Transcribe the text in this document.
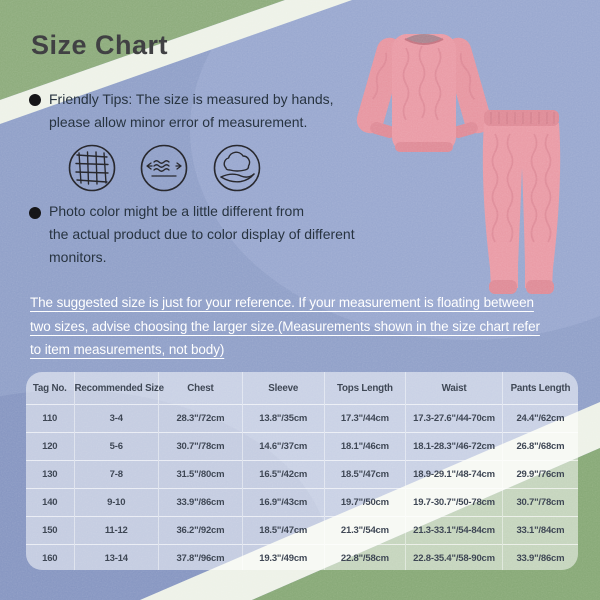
Size Chart
Friendly Tips: The size is measured by hands,
please allow minor error of measurement.
Photo color might be a little different from
the actual product due to color display of different
monitors.
The suggested size is just for your reference. If your measurement is floating between
two sizes, advise choosing the larger size.(Measurements shown in the size chart refer
to item measurements, not body)
Tag No.	Recommended Size	Chest	Sleeve	Tops Length	Waist	Pants Length
110	3-4	28.3"/72cm	13.8"/35cm	17.3"/44cm	17.3-27.6"/44-70cm	24.4"/62cm
120	5-6	30.7"/78cm	14.6"/37cm	18.1"/46cm	18.1-28.3"/46-72cm	26.8"/68cm
130	7-8	31.5"/80cm	16.5"/42cm	18.5"/47cm	18.9-29.1"/48-74cm	29.9"/76cm
140	9-10	33.9"/86cm	16.9"/43cm	19.7"/50cm	19.7-30.7"/50-78cm	30.7"/78cm
150	11-12	36.2"/92cm	18.5"/47cm	21.3"/54cm	21.3-33.1"/54-84cm	33.1"/84cm
160	13-14	37.8"/96cm	19.3"/49cm	22.8"/58cm	22.8-35.4"/58-90cm	33.9"/86cm
